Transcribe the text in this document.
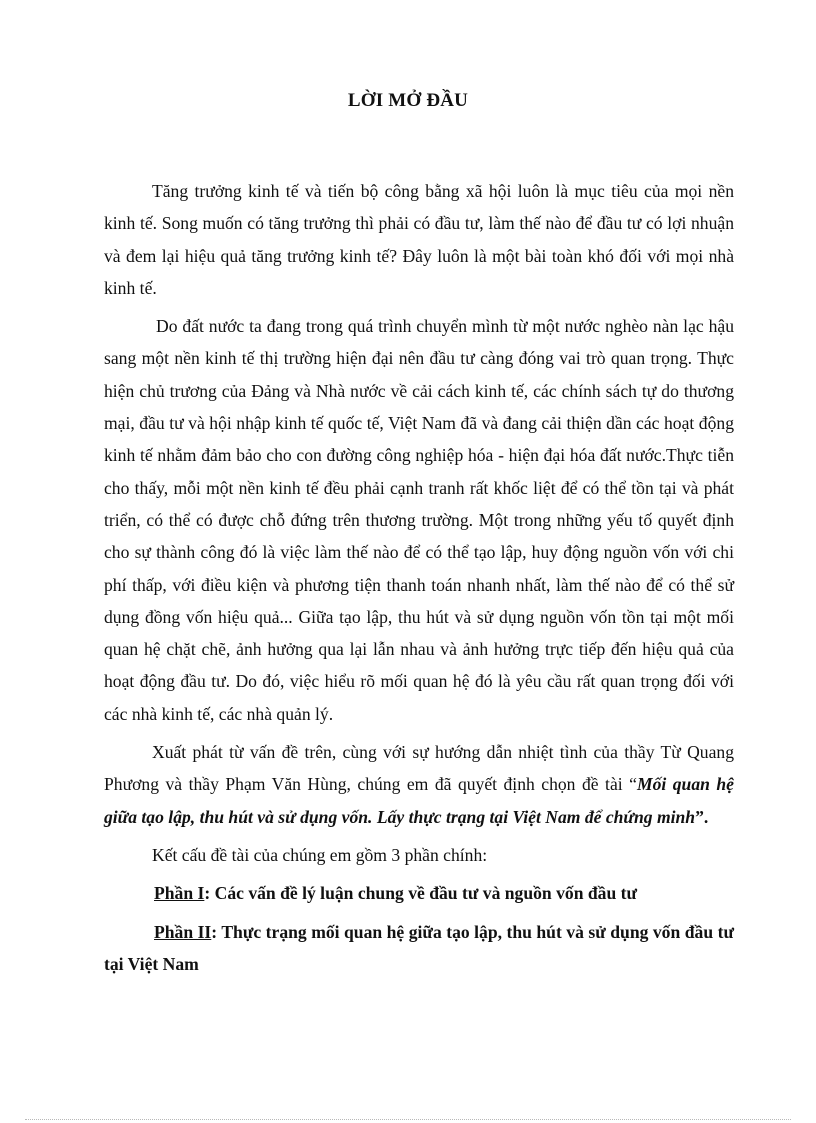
LỜI MỞ ĐẦU

Tăng trưởng kinh tế và tiến bộ công bằng xã hội luôn là mục tiêu của mọi nền kinh tế. Song muốn có tăng trưởng thì phải có đầu tư, làm thế nào để đầu tư có lợi nhuận và đem lại hiệu quả tăng trưởng kinh tế? Đây luôn là một bài toàn khó đối với mọi nhà kinh tế.

Do đất nước ta đang trong quá trình chuyển mình từ một nước nghèo nàn lạc hậu sang một nền kinh tế thị trường hiện đại nên đầu tư càng đóng vai trò quan trọng. Thực hiện chủ trương của Đảng và Nhà nước về cải cách kinh tế, các chính sách tự do thương mại, đầu tư và hội nhập kinh tế quốc tế, Việt Nam đã và đang cải thiện dần các hoạt động kinh tế nhằm đảm bảo cho con đường công nghiệp hóa - hiện đại hóa đất nước.Thực tiễn cho thấy, mỗi một nền kinh tế đều phải cạnh tranh rất khốc liệt để có thể tồn tại và phát triển, có thể có được chỗ đứng trên thương trường. Một trong những yếu tố quyết định cho sự thành công đó là việc làm thế nào để có thể tạo lập, huy động nguồn vốn với chi phí thấp, với điều kiện và phương tiện thanh toán nhanh nhất, làm thế nào để có thể sử dụng đồng vốn hiệu quả... Giữa tạo lập, thu hút và sử dụng nguồn vốn tồn tại một mối quan hệ chặt chẽ, ảnh hưởng qua lại lẫn nhau và ảnh hưởng trực tiếp đến hiệu quả của hoạt động đầu tư. Do đó, việc hiểu rõ mối quan hệ đó là yêu cầu rất quan trọng đối với các nhà kinh tế, các nhà quản lý.

Xuất phát từ vấn đề trên, cùng với sự hướng dẫn nhiệt tình của thầy Từ Quang Phương và thầy Phạm Văn Hùng, chúng em đã quyết định chọn đề tài “Mối quan hệ giữa tạo lập, thu hút và sử dụng vốn. Lấy thực trạng tại Việt Nam để chứng minh”.

Kết cấu đề tài của chúng em gồm 3 phần chính:

Phần I: Các vấn đề lý luận chung về đầu tư và nguồn vốn đầu tư

Phần II: Thực trạng mối quan hệ giữa tạo lập, thu hút và sử dụng vốn đầu tư tại Việt Nam
